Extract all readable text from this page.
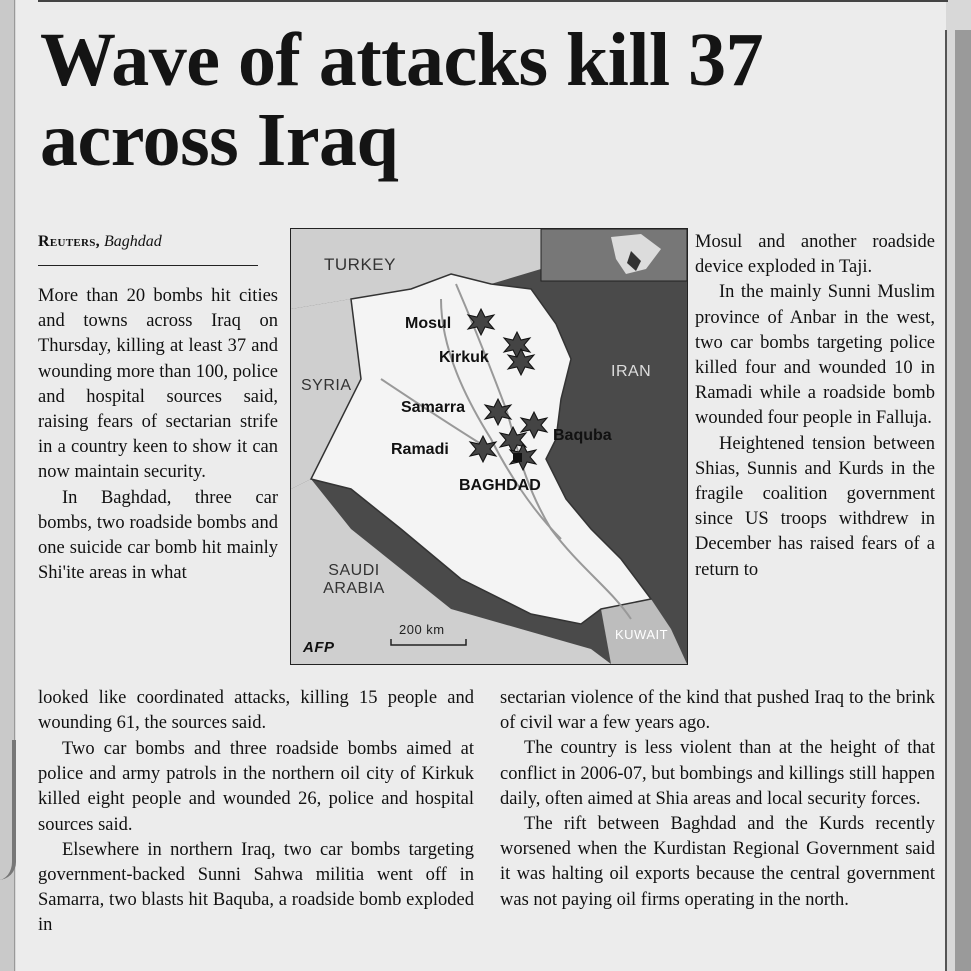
Wave of attacks kill 37 across Iraq
Reuters, Baghdad

More than 20 bombs hit cities and towns across Iraq on Thursday, killing at least 37 and wounding more than 100, police and hospital sources said, raising fears of sectarian strife in a country keen to show it can now maintain security.

In Baghdad, three car bombs, two roadside bombs and one suicide car bomb hit mainly Shi'ite areas in what

looked like coordinated attacks, killing 15 people and wounding 61, the sources said.

Two car bombs and three roadside bombs aimed at police and army patrols in the northern oil city of Kirkuk killed eight people and wounded 26, police and hospital sources said.

Elsewhere in northern Iraq, two car bombs targeting government-backed Sunni Sahwa militia went off in Samarra, two blasts hit Baquba, a roadside bomb exploded in

Mosul and another roadside device exploded in Taji.

In the mainly Sunni Muslim province of Anbar in the west, two car bombs targeting police killed four and wounded 10 in Ramadi while a roadside bomb wounded four people in Falluja.

Heightened tension between Shias, Sunnis and Kurds in the fragile coalition government since US troops withdrew in December has raised fears of a return to

sectarian violence of the kind that pushed Iraq to the brink of civil war a few years ago.

The country is less violent than at the height of that conflict in 2006-07, but bombings and killings still happen daily, often aimed at Shia areas and local security forces.

The rift between Baghdad and the Kurds recently worsened when the Kurdistan Regional Government said it was halting oil exports because the central government was not paying oil firms operating in the north.

TURKEY
SYRIA
IRAN
SAUDI ARABIA
KUWAIT
Mosul
Kirkuk
Samarra
Ramadi
Baquba
BAGHDAD
200 km
AFP
